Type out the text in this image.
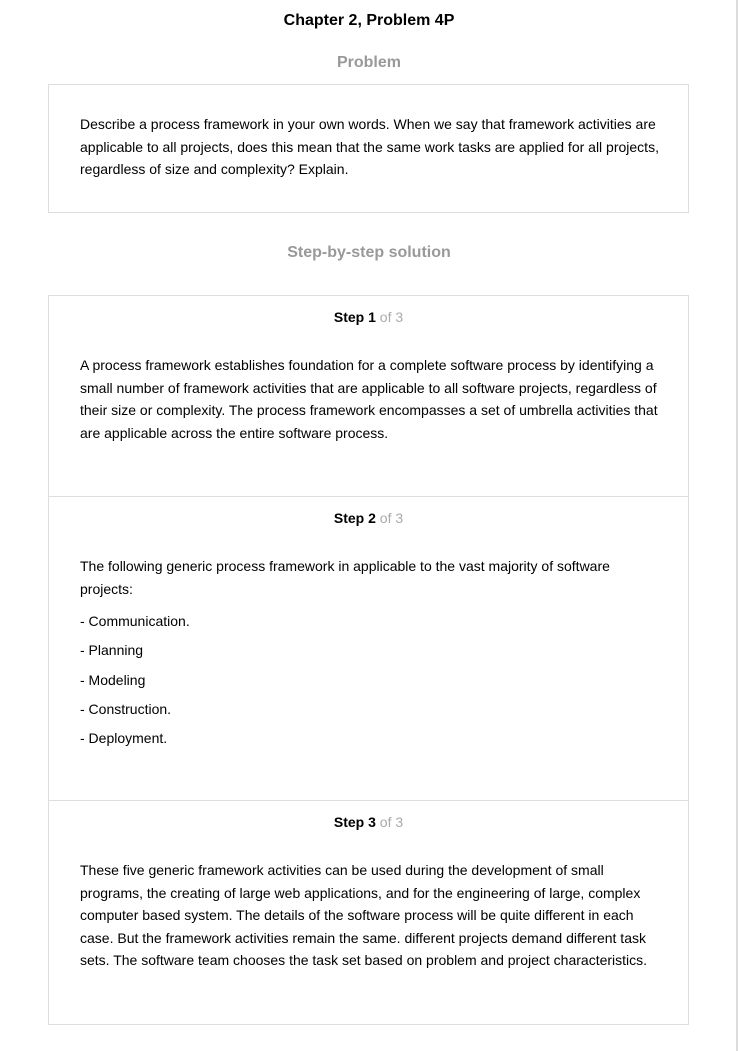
Chapter 2, Problem 4P
Problem
Describe a process framework in your own words. When we say that framework activities are applicable to all projects, does this mean that the same work tasks are applied for all projects, regardless of size and complexity? Explain.
Step-by-step solution
Step 1 of 3
A process framework establishes foundation for a complete software process by identifying a small number of framework activities that are applicable to all software projects, regardless of their size or complexity. The process framework encompasses a set of umbrella activities that are applicable across the entire software process.
Step 2 of 3
The following generic process framework in applicable to the vast majority of software projects:
- Communication.
- Planning
- Modeling
- Construction.
- Deployment.
Step 3 of 3
These five generic framework activities can be used during the development of small programs, the creating of large web applications, and for the engineering of large, complex computer based system. The details of the software process will be quite different in each case. But the framework activities remain the same. different projects demand different task sets. The software team chooses the task set based on problem and project characteristics.
